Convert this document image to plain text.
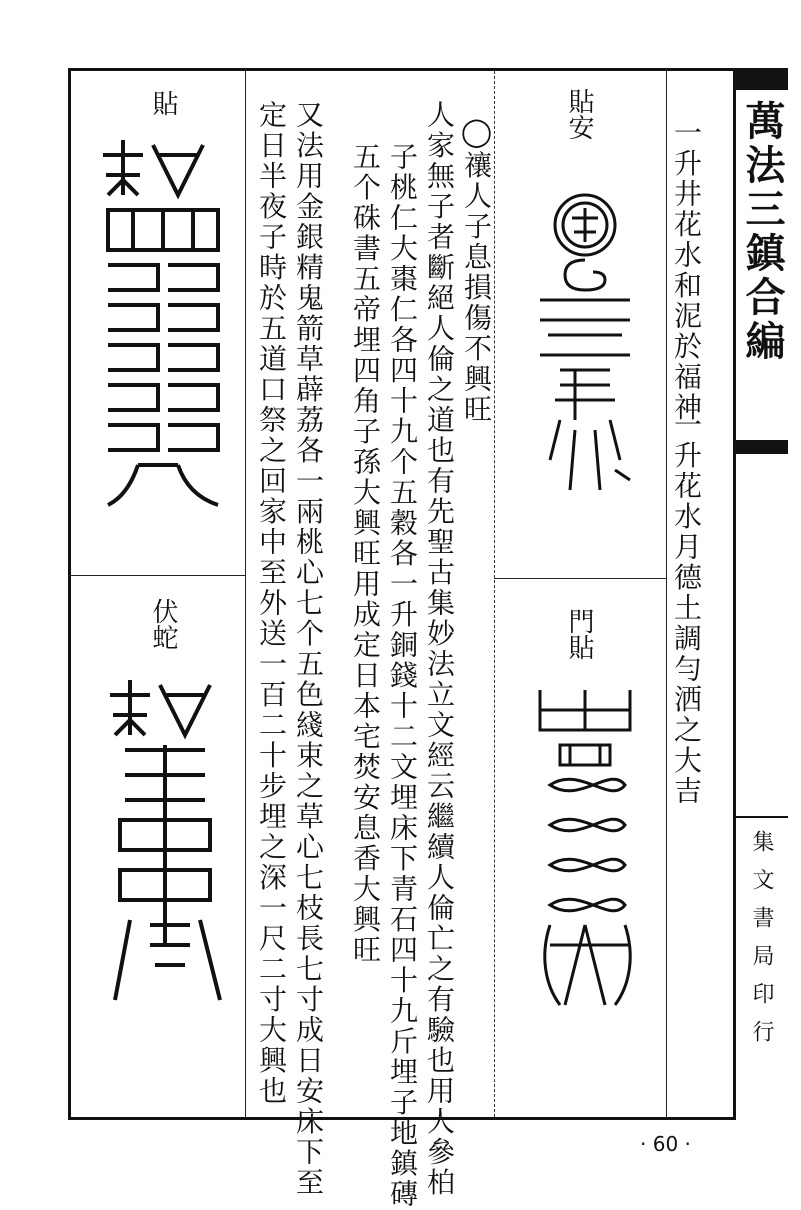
萬法三鎮合編
集文書局印行
一升井花水和泥於福神
一升花水月德土調勻洒之大吉
貼安
門貼
◯禳人子息損傷不興旺
人家無子者斷絕人倫之道也有先聖古集妙法立文經云繼續人倫亡之有驗也用人參柏
子桃仁大棗仁各四十九个五穀各一升銅錢十二文埋床下青石四十九斤埋子地鎮磚
五个硃書五帝埋四角子孫大興旺用成定日本宅焚安息香大興旺
又法用金銀精鬼箭草薜荔各一兩桃心七个五色綫束之草心七枝長七寸成日安床下至
定日半夜子時於五道口祭之回家中至外送一百二十步埋之深一尺二寸大興也
貼
伏蛇
· 60 ·
